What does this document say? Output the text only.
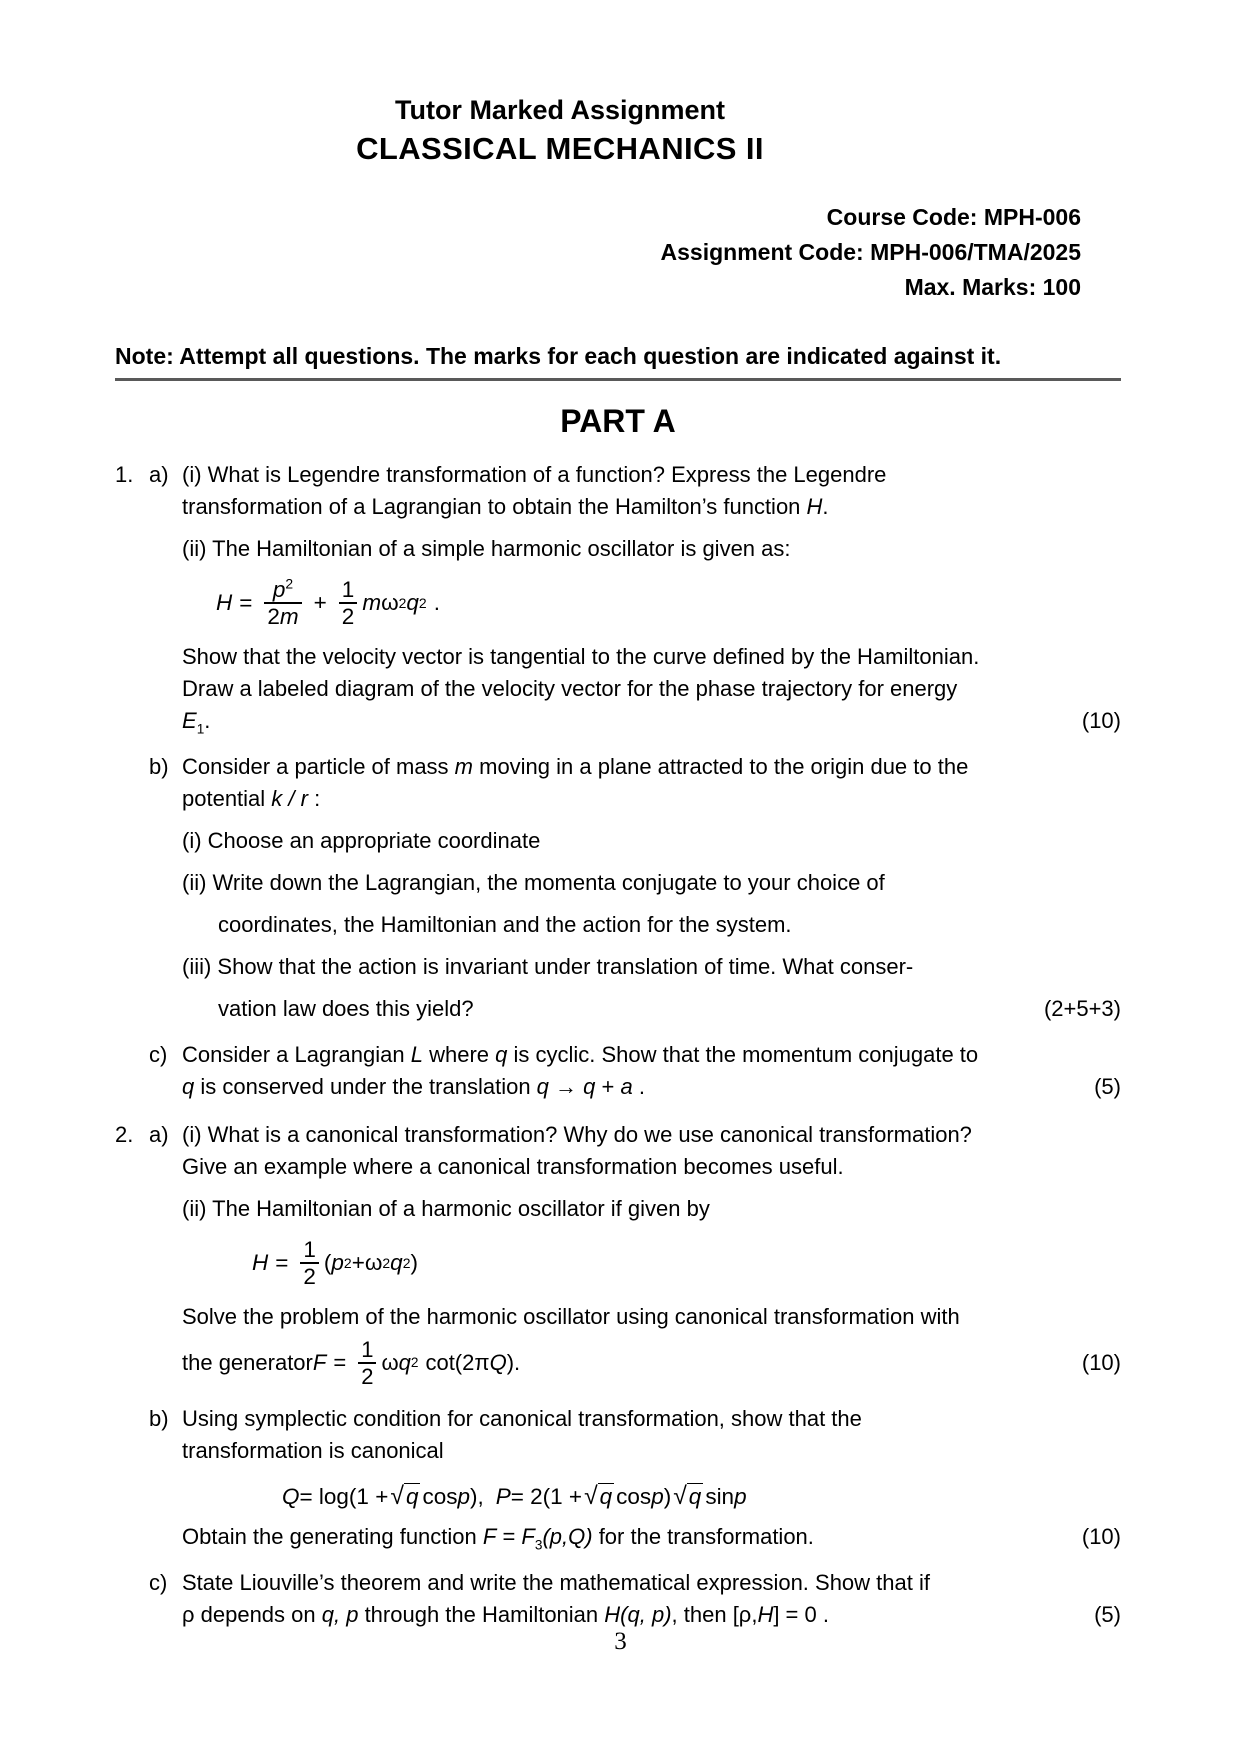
Tutor Marked Assignment
CLASSICAL MECHANICS II
Course Code: MPH-006
Assignment Code: MPH-006/TMA/2025
Max. Marks: 100
Note: Attempt all questions. The marks for each question are indicated against it.
PART A
1. a) (i) What is Legendre transformation of a function? Express the Legendre
transformation of a Lagrangian to obtain the Hamilton’s function H.
(ii) The Hamiltonian of a simple harmonic oscillator is given as:
$H = \frac{p^2}{2m} + \frac{1}{2}$ m ω 2 q 2 .
Show that the velocity vector is tangential to the curve defined by the Hamiltonian.
Draw a labeled diagram of the velocity vector for the phase trajectory for energy
$E_1$.	(10)
b) Consider a particle of mass m moving in a plane attracted to the origin due to the
potential k / r :
(i) Choose an appropriate coordinate
(ii) Write down the Lagrangian, the momenta conjugate to your choice of
coordinates, the Hamiltonian and the action for the system.
(iii) Show that the action is invariant under translation of time. What conser-
vation law does this yield?	(2+5+3)
c) Consider a Lagrangian L where q is cyclic. Show that the momentum conjugate to
q is conserved under the translation q → q + a .	(5)
2. a) (i) What is a canonical transformation? Why do we use canonical transformation?
Give an example where a canonical transformation becomes useful.
(ii) The Hamiltonian of a harmonic oscillator if given by
$H = \frac{1}{2}$ ( p 2 + ω 2 q 2 )
Solve the problem of the harmonic oscillator using canonical transformation with
the generator $F = \frac{1}{2}$ ω q 2 cot( 2π Q ) .	(10)
b) Using symplectic condition for canonical transformation, show that the
transformation is canonical
Q = log(1 + √ q cos p ), P = 2(1 + √ q cos p ) √ q sin p
Obtain the generating function $F = F_3(p,Q)$ for the transformation.	(10)
c) State Liouville’s theorem and write the mathematical expression. Show that if
ρ depends on q, p through the Hamiltonian H(q, p), then [ρ,H] = 0 .	(5)
3
